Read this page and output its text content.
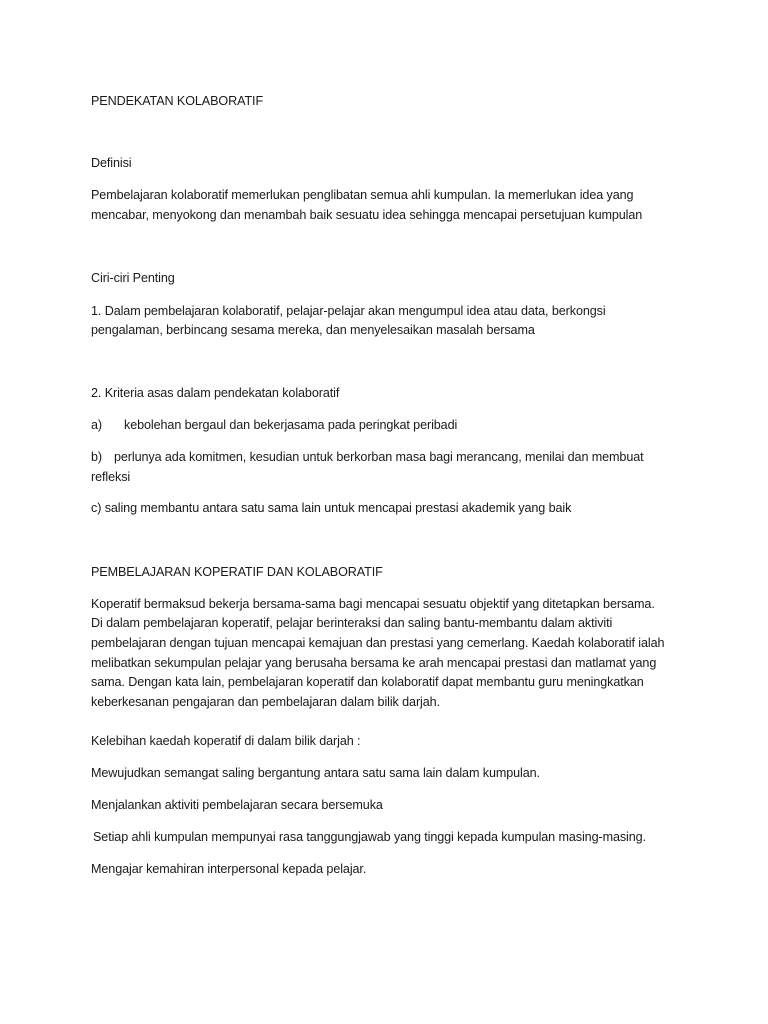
PENDEKATAN KOLABORATIF

Definisi

Pembelajaran kolaboratif memerlukan penglibatan semua ahli kumpulan. Ia memerlukan idea yang

mencabar, menyokong dan menambah baik sesuatu idea sehingga mencapai persetujuan kumpulan

Ciri-ciri Penting

1. Dalam pembelajaran kolaboratif, pelajar-pelajar akan mengumpul idea atau data, berkongsi

pengalaman, berbincang sesama mereka, dan menyelesaikan masalah bersama

2. Kriteria asas dalam pendekatan kolaboratif

a) kebolehan bergaul dan bekerjasama pada peringkat peribadi

b) perlunya ada komitmen, kesudian untuk berkorban masa bagi merancang, menilai dan membuat

refleksi

c) saling membantu antara satu sama lain untuk mencapai prestasi akademik yang baik

PEMBELAJARAN KOPERATIF DAN KOLABORATIF

Koperatif bermaksud bekerja bersama-sama bagi mencapai sesuatu objektif yang ditetapkan bersama.

Di dalam pembelajaran koperatif, pelajar berinteraksi dan saling bantu-membantu dalam aktiviti

pembelajaran dengan tujuan mencapai kemajuan dan prestasi yang cemerlang. Kaedah kolaboratif ialah

melibatkan sekumpulan pelajar yang berusaha bersama ke arah mencapai prestasi dan matlamat yang

sama. Dengan kata lain, pembelajaran koperatif dan kolaboratif dapat membantu guru meningkatkan

keberkesanan pengajaran dan pembelajaran dalam bilik darjah.

Kelebihan kaedah koperatif di dalam bilik darjah :

Mewujudkan semangat saling bergantung antara satu sama lain dalam kumpulan.

Menjalankan aktiviti pembelajaran secara bersemuka

Setiap ahli kumpulan mempunyai rasa tanggungjawab yang tinggi kepada kumpulan masing-masing.

Mengajar kemahiran interpersonal kepada pelajar.
